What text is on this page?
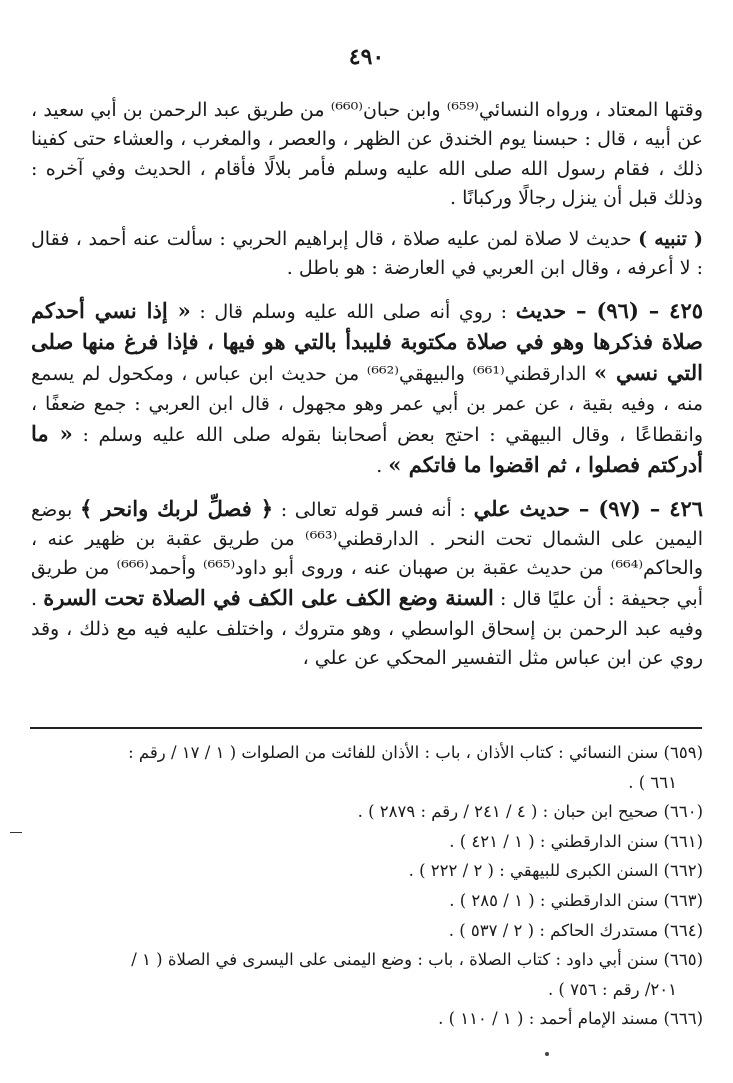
٤٩٠

وقتها المعتاد ، ورواه النسائي⁽⁶⁵⁹⁾ وابن حبان⁽⁶⁶⁰⁾ من طريق عبد الرحمن بن أبي سعيد ، عن أبيه ، قال : حبسنا يوم الخندق عن الظهر ، والعصر ، والمغرب ، والعشاء حتى كفينا ذلك ، فقام رسول الله صلى الله عليه وسلم فأمر بلالًا فأقام ، الحديث وفي آخره : وذلك قبل أن ينزل رجالًا وركبانًا .

( تنبيه ) حديث لا صلاة لمن عليه صلاة ، قال إبراهيم الحربي : سألت عنه أحمد ، فقال : لا أعرفه ، وقال ابن العربي في العارضة : هو باطل .

٤٢٥ – (٩٦) – حديث : روي أنه صلى الله عليه وسلم قال : « إذا نسي أحدكم صلاة فذكرها وهو في صلاة مكتوبة فليبدأ بالتي هو فيها ، فإذا فرغ منها صلى التي نسي » الدارقطني⁽⁶⁶¹⁾ والبيهقي⁽⁶⁶²⁾ من حديث ابن عباس ، ومكحول لم يسمع منه ، وفيه بقية ، عن عمر بن أبي عمر وهو مجهول ، قال ابن العربي : جمع ضعفًا ، وانقطاعًا ، وقال البيهقي : احتج بعض أصحابنا بقوله صلى الله عليه وسلم : « ما أدركتم فصلوا ، ثم اقضوا ما فاتكم » .

٤٢٦ – (٩٧) – حديث علي : أنه فسر قوله تعالى : ﴿ فصلِّ لربك وانحر ﴾ بوضع اليمين على الشمال تحت النحر . الدارقطني⁽⁶⁶³⁾ من طريق عقبة بن ظهير عنه ، والحاكم⁽⁶⁶⁴⁾ من حديث عقبة بن صهبان عنه ، وروى أبو داود⁽⁶⁶⁵⁾ وأحمد⁽⁶⁶⁶⁾ من طريق أبي جحيفة : أن عليًا قال : السنة وضع الكف على الكف في الصلاة تحت السرة . وفيه عبد الرحمن بن إسحاق الواسطي ، وهو متروك ، واختلف عليه فيه مع ذلك ، وقد روي عن ابن عباس مثل التفسير المحكي عن علي ،

(٦٥٩) سنن النسائي : كتاب الأذان ، باب : الأذان للفائت من الصلوات ( ١ / ١٧ / رقم :

٦٦١ ) .

(٦٦٠) صحيح ابن حبان : ( ٤ / ٢٤١ / رقم : ٢٨٧٩ ) .

(٦٦١) سنن الدارقطني : ( ١ / ٤٢١ ) .

(٦٦٢) السنن الكبرى للبيهقي : ( ٢ / ٢٢٢ ) .

(٦٦٣) سنن الدارقطني : ( ١ / ٢٨٥ ) .

(٦٦٤) مستدرك الحاكم : ( ٢ / ٥٣٧ ) .

(٦٦٥) سنن أبي داود : كتاب الصلاة ، باب : وضع اليمنى على اليسرى في الصلاة ( ١ /

٢٠١/ رقم : ٧٥٦ ) .

(٦٦٦) مسند الإمام أحمد : ( ١ / ١١٠ ) .
